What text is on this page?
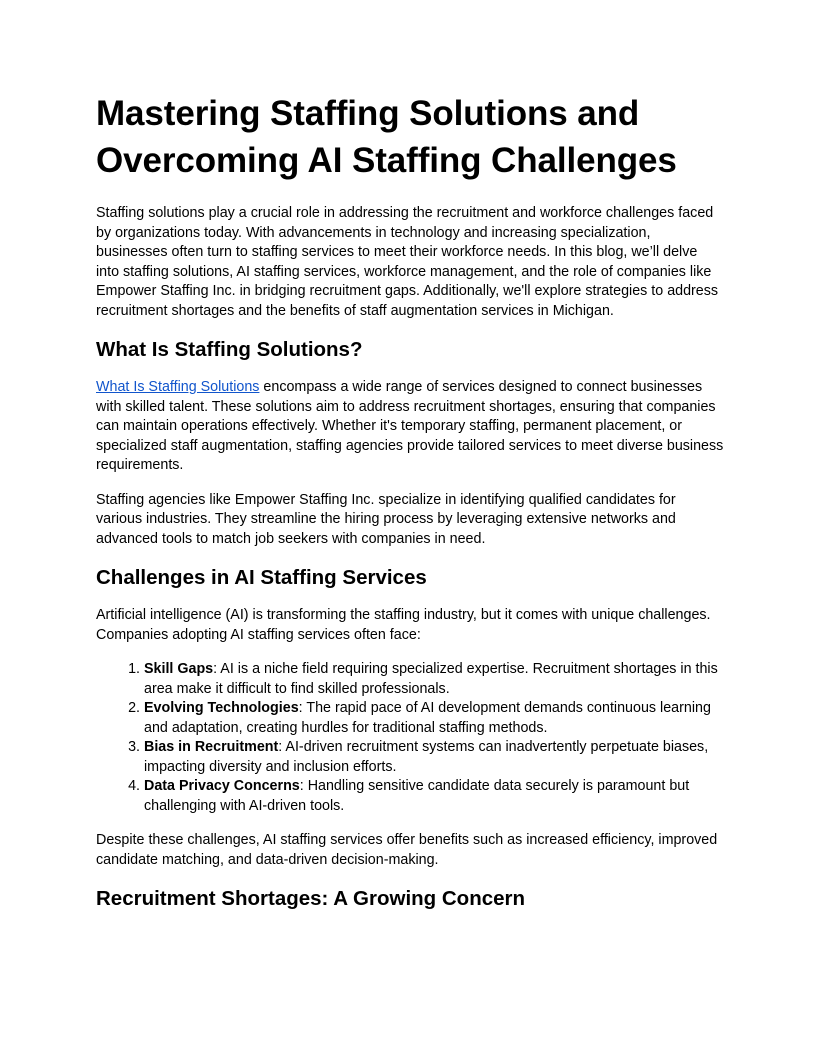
Mastering Staffing Solutions and Overcoming AI Staffing Challenges

Staffing solutions play a crucial role in addressing the recruitment and workforce challenges faced by organizations today. With advancements in technology and increasing specialization, businesses often turn to staffing services to meet their workforce needs. In this blog, we’ll delve into staffing solutions, AI staffing services, workforce management, and the role of companies like Empower Staffing Inc. in bridging recruitment gaps. Additionally, we'll explore strategies to address recruitment shortages and the benefits of staff augmentation services in Michigan.

What Is Staffing Solutions?

What Is Staffing Solutions encompass a wide range of services designed to connect businesses with skilled talent. These solutions aim to address recruitment shortages, ensuring that companies can maintain operations effectively. Whether it's temporary staffing, permanent placement, or specialized staff augmentation, staffing agencies provide tailored services to meet diverse business requirements.

Staffing agencies like Empower Staffing Inc. specialize in identifying qualified candidates for various industries. They streamline the hiring process by leveraging extensive networks and advanced tools to match job seekers with companies in need.

Challenges in AI Staffing Services

Artificial intelligence (AI) is transforming the staffing industry, but it comes with unique challenges. Companies adopting AI staffing services often face:

1. Skill Gaps: AI is a niche field requiring specialized expertise. Recruitment shortages in this area make it difficult to find skilled professionals.
2. Evolving Technologies: The rapid pace of AI development demands continuous learning and adaptation, creating hurdles for traditional staffing methods.
3. Bias in Recruitment: AI-driven recruitment systems can inadvertently perpetuate biases, impacting diversity and inclusion efforts.
4. Data Privacy Concerns: Handling sensitive candidate data securely is paramount but challenging with AI-driven tools.

Despite these challenges, AI staffing services offer benefits such as increased efficiency, improved candidate matching, and data-driven decision-making.

Recruitment Shortages: A Growing Concern
